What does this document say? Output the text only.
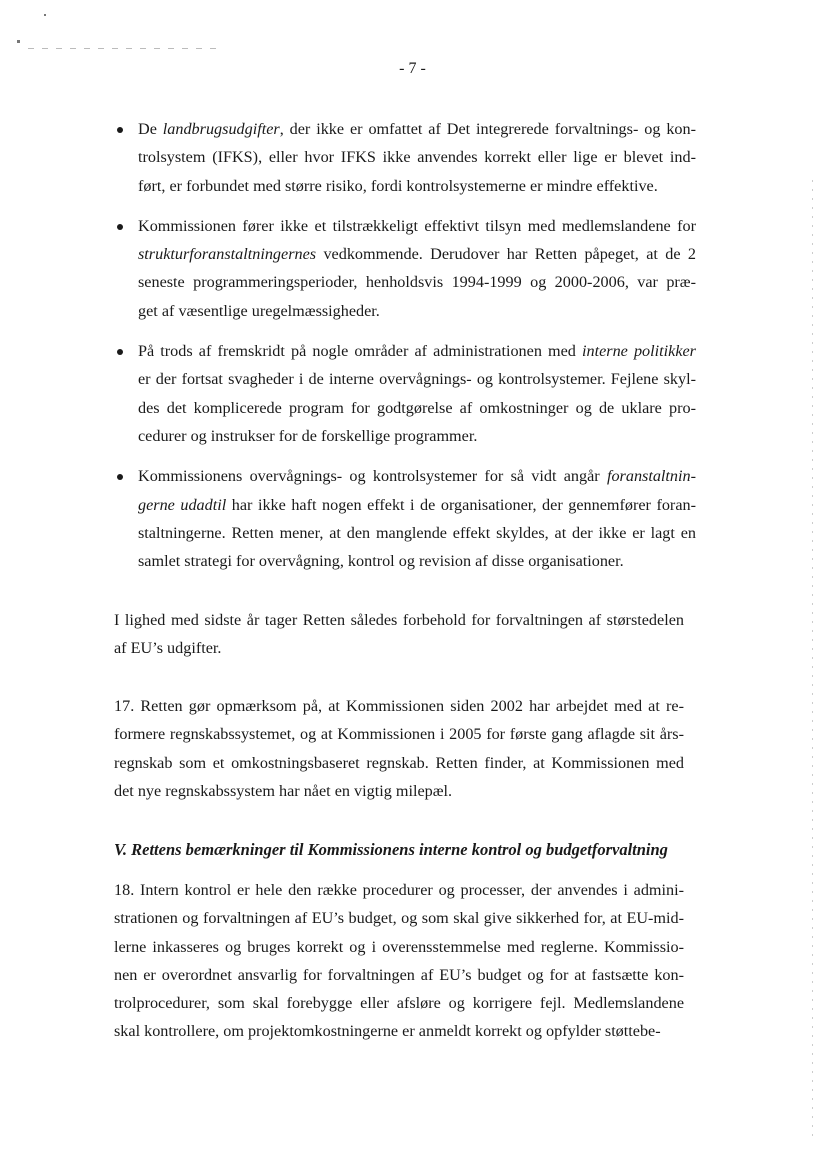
- 7 -
De landbrugsudgifter, der ikke er omfattet af Det integrerede forvaltnings- og kon-
trolsystem (IFKS), eller hvor IFKS ikke anvendes korrekt eller lige er blevet ind-
ført, er forbundet med større risiko, fordi kontrolsystemerne er mindre effektive.
Kommissionen fører ikke et tilstrækkeligt effektivt tilsyn med medlemslandene for
strukturforanstaltningernes vedkommende. Derudover har Retten påpeget, at de 2
seneste programmeringsperioder, henholdsvis 1994-1999 og 2000-2006, var præ-
get af væsentlige uregelmæssigheder.
På trods af fremskridt på nogle områder af administrationen med interne politikker
er der fortsat svagheder i de interne overvågnings- og kontrolsystemer. Fejlene skyl-
des det komplicerede program for godtgørelse af omkostninger og de uklare pro-
cedurer og instrukser for de forskellige programmer.
Kommissionens overvågnings- og kontrolsystemer for så vidt angår foranstaltnin-
gerne udadtil har ikke haft nogen effekt i de organisationer, der gennemfører foran-
staltningerne. Retten mener, at den manglende effekt skyldes, at der ikke er lagt en
samlet strategi for overvågning, kontrol og revision af disse organisationer.
I lighed med sidste år tager Retten således forbehold for forvaltningen af størstedelen
af EU’s udgifter.
17. Retten gør opmærksom på, at Kommissionen siden 2002 har arbejdet med at re-
formere regnskabssystemet, og at Kommissionen i 2005 for første gang aflagde sit års-
regnskab som et omkostningsbaseret regnskab. Retten finder, at Kommissionen med
det nye regnskabssystem har nået en vigtig milepæl.
V. Rettens bemærkninger til Kommissionens interne kontrol og budgetforvaltning
18. Intern kontrol er hele den række procedurer og processer, der anvendes i admini-
strationen og forvaltningen af EU’s budget, og som skal give sikkerhed for, at EU-mid-
lerne inkasseres og bruges korrekt og i overensstemmelse med reglerne. Kommissio-
nen er overordnet ansvarlig for forvaltningen af EU’s budget og for at fastsætte kon-
trolprocedurer, som skal forebygge eller afsløre og korrigere fejl. Medlemslandene
skal kontrollere, om projektomkostningerne er anmeldt korrekt og opfylder støttebe-
